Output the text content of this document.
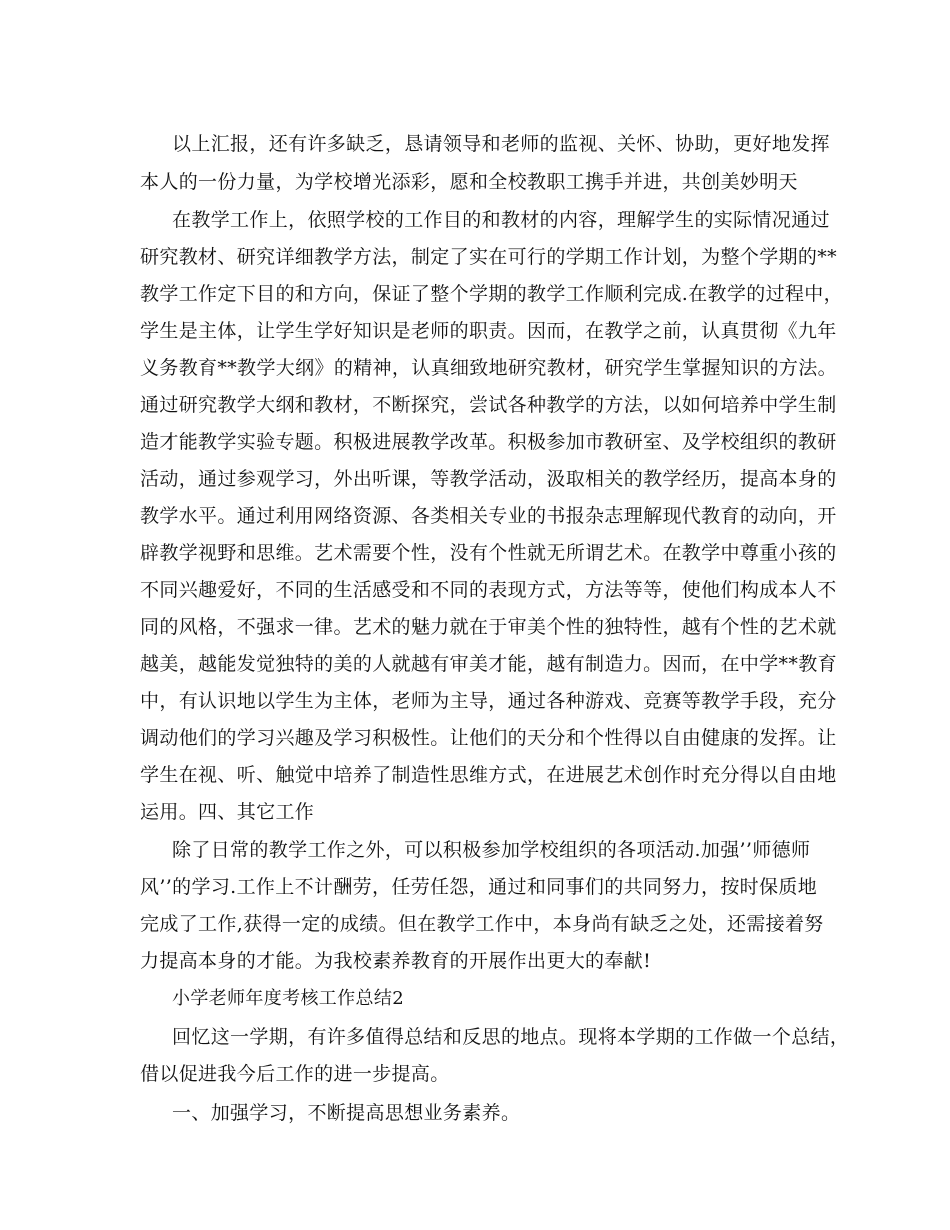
以上汇报，还有许多缺乏，恳请领导和老师的监视、关怀、协助，更好地发挥
本人的一份力量，为学校增光添彩，愿和全校教职工携手并进，共创美妙明天
在教学工作上，依照学校的工作目的和教材的内容，理解学生的实际情况通过
研究教材、研究详细教学方法，制定了实在可行的学期工作计划，为整个学期的**
教学工作定下目的和方向，保证了整个学期的教学工作顺利完成.在教学的过程中，
学生是主体，让学生学好知识是老师的职责。因而，在教学之前，认真贯彻《九年
义务教育**教学大纲》的精神，认真细致地研究教材，研究学生掌握知识的方法。
通过研究教学大纲和教材，不断探究，尝试各种教学的方法，以如何培养中学生制
造才能教学实验专题。积极进展教学改革。积极参加市教研室、及学校组织的教研
活动，通过参观学习，外出听课，等教学活动，汲取相关的教学经历，提高本身的
教学水平。通过利用网络资源、各类相关专业的书报杂志理解现代教育的动向，开
辟教学视野和思维。艺术需要个性，没有个性就无所谓艺术。在教学中尊重小孩的
不同兴趣爱好，不同的生活感受和不同的表现方式，方法等等，使他们构成本人不
同的风格，不强求一律。艺术的魅力就在于审美个性的独特性，越有个性的艺术就
越美，越能发觉独特的美的人就越有审美才能，越有制造力。因而，在中学**教育
中，有认识地以学生为主体，老师为主导，通过各种游戏、竞赛等教学手段，充分
调动他们的学习兴趣及学习积极性。让他们的天分和个性得以自由健康的发挥。让
学生在视、听、触觉中培养了制造性思维方式，在进展艺术创作时充分得以自由地
运用。四、其它工作
除了日常的教学工作之外，可以积极参加学校组织的各项活动.加强’’师德师
风’’的学习.工作上不计酬劳，任劳任怨，通过和同事们的共同努力，按时保质地
完成了工作,获得一定的成绩。但在教学工作中，本身尚有缺乏之处，还需接着努
力提高本身的才能。为我校素养教育的开展作出更大的奉献!
小学老师年度考核工作总结2
回忆这一学期，有许多值得总结和反思的地点。现将本学期的工作做一个总结，
借以促进我今后工作的进一步提高。
一、加强学习，不断提高思想业务素养。
